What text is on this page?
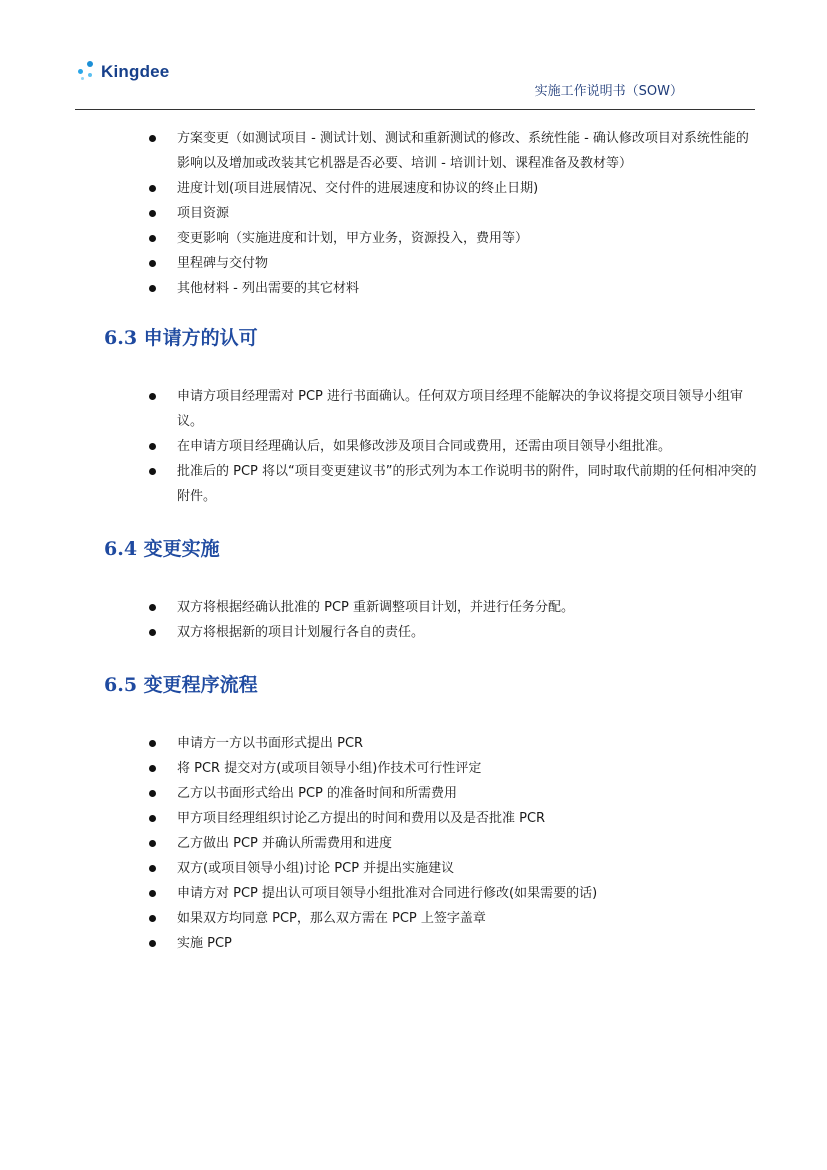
Kingdee
实施工作说明书（SOW）
方案变更（如测试项目 - 测试计划、测试和重新测试的修改、系统性能 - 确认修改项目对系统性能的影响以及增加或改装其它机器是否必要、培训 - 培训计划、课程准备及教材等）
进度计划(项目进展情况、交付件的进展速度和协议的终止日期)
项目资源
变更影响（实施进度和计划，甲方业务，资源投入，费用等）
里程碑与交付物
其他材料 - 列出需要的其它材料
6.3 申请方的认可
申请方项目经理需对 PCP 进行书面确认。任何双方项目经理不能解决的争议将提交项目领导小组审议。
在申请方项目经理确认后，如果修改涉及项目合同或费用，还需由项目领导小组批准。
批准后的 PCP 将以“项目变更建议书”的形式列为本工作说明书的附件，同时取代前期的任何相冲突的附件。
6.4 变更实施
双方将根据经确认批准的 PCP 重新调整项目计划，并进行任务分配。
双方将根据新的项目计划履行各自的责任。
6.5 变更程序流程
申请方一方以书面形式提出 PCR
将 PCR 提交对方(或项目领导小组)作技术可行性评定
乙方以书面形式给出 PCP 的准备时间和所需费用
甲方项目经理组织讨论乙方提出的时间和费用以及是否批准 PCR
乙方做出 PCP 并确认所需费用和进度
双方(或项目领导小组)讨论 PCP 并提出实施建议
申请方对 PCP 提出认可项目领导小组批准对合同进行修改(如果需要的话)
如果双方均同意 PCP，那么双方需在 PCP 上签字盖章
实施 PCP
